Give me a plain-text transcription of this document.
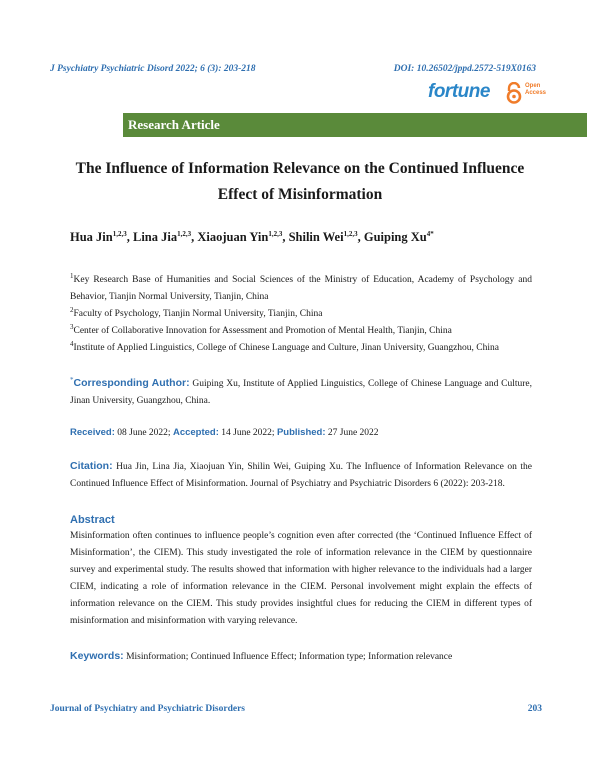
J Psychiatry Psychiatric Disord 2022; 6 (3): 203-218	DOI: 10.26502/jppd.2572-519X0163
fortune	Open
Access
Research Article
The Influence of Information Relevance on the Continued Influence
Effect of Misinformation
Hua Jin$^{1,2,3}$, Lina Jia$^{1,2,3}$, Xiaojuan Yin$^{1,2,3}$, Shilin Wei$^{1,2,3}$, Guiping $Xu^{4*}$
$^1$Key Research Base of Humanities and Social Sciences of the Ministry of Education, Academy of Psychology and Behavior, Tianjin Normal University, Tianjin, China
$^2$Faculty of Psychology, Tianjin Normal University, Tianjin, China
$^3$Center of Collaborative Innovation for Assessment and Promotion of Mental Health, Tianjin, China
$^4$Institute of Applied Linguistics, College of Chinese Language and Culture, Jinan University, Guangzhou, China
*Corresponding Author: Guiping Xu, Institute of Applied Linguistics, College of Chinese Language and Culture, Jinan University, Guangzhou, China.
Received: 08 June 2022; Accepted: 14 June 2022; Published: 27 June 2022
Citation: Hua Jin, Lina Jia, Xiaojuan Yin, Shilin Wei, Guiping Xu. The Influence of Information Relevance on the Continued Influence Effect of Misinformation. Journal of Psychiatry and Psychiatric Disorders 6 (2022): 203-218.
Abstract
Misinformation often continues to influence people’s cognition even after corrected (the ‘Continued Influence Effect of Misinformation’, the CIEM). This study investigated the role of information relevance in the CIEM by questionnaire survey and experimental study. The results showed that information with higher relevance to the individuals had a larger CIEM, indicating a role of information relevance in the CIEM. Personal involvement might explain the effects of information relevance on the CIEM. This study provides insightful clues for reducing the CIEM in different types of misinformation and misinformation with varying relevance.
Keywords: Misinformation; Continued Influence Effect; Information type; Information relevance
Journal of Psychiatry and Psychiatric Disorders	203
